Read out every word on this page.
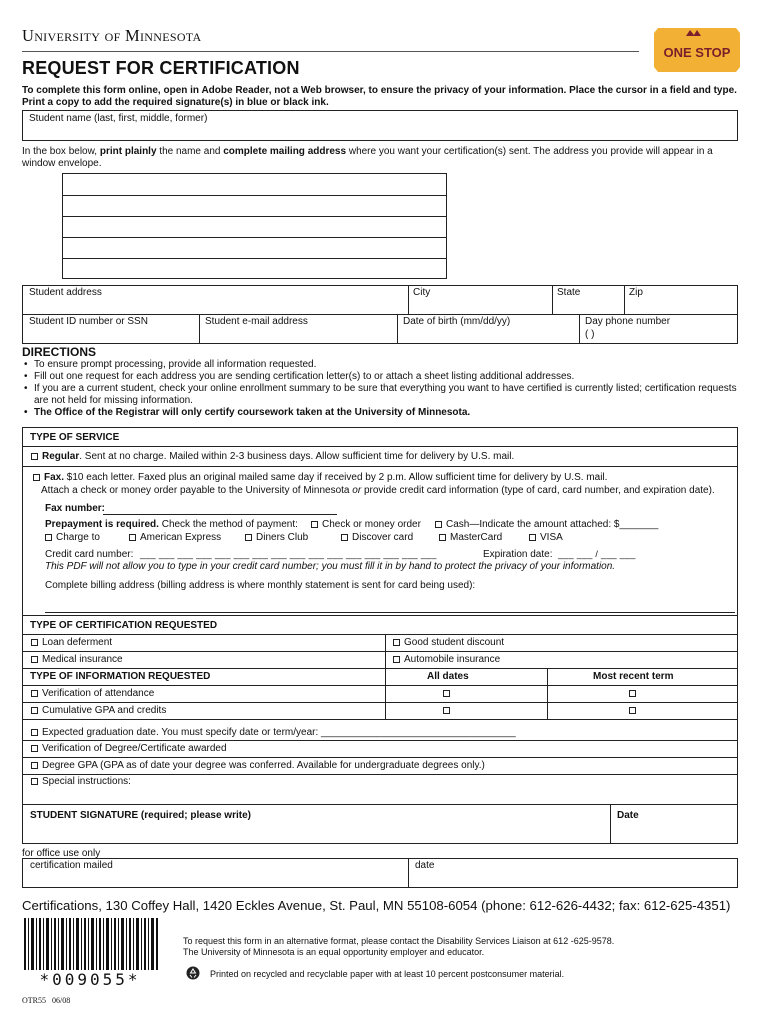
University of Minnesota
ONE STOP
REQUEST FOR CERTIFICATION
To complete this form online, open in Adobe Reader, not a Web browser, to ensure the privacy of your information. Place the cursor in a field and type. Print a copy to add the required signature(s) in blue or black ink.
Student name (last, first, middle, former)
In the box below, print plainly the name and complete mailing address where you want your certification(s) sent. The address you provide will appear in a window envelope.
Student address	City	State	Zip
Student ID number or SSN	Student e-mail address	Date of birth (mm/dd/yy)	Day phone number
( )
DIRECTIONS
• To ensure prompt processing, provide all information requested.
• Fill out one request for each address you are sending certification letter(s) to or attach a sheet listing additional addresses.
• If you are a current student, check your online enrollment summary to be sure that everything you want to have certified is currently listed; certification requests are not held for missing information.
• The Office of the Registrar will only certify coursework taken at the University of Minnesota.
TYPE OF SERVICE
Regular. Sent at no charge. Mailed within 2-3 business days. Allow sufficient time for delivery by U.S. mail.
Fax. $10 each letter. Faxed plus an original mailed same day if received by 2 p.m. Allow sufficient time for delivery by U.S. mail.
Attach a check or money order payable to the University of Minnesota or provide credit card information (type of card, card number, and expiration date).
Fax number:
Prepayment is required. Check the method of payment:	Check or money order	Cash—Indicate the amount attached: $_______
Charge to	American Express	Diners Club	Discover card	MasterCard	VISA
Credit card number: ___ ___ ___ ___ ___ ___ ___ ___ ___ ___ ___ ___ ___ ___ ___ ___	Expiration date: ___ ___ / ___ ___
This PDF will not allow you to type in your credit card number; you must fill it in by hand to protect the privacy of your information.
Complete billing address (billing address is where monthly statement is sent for card being used):
TYPE OF CERTIFICATION REQUESTED
Loan deferment	Good student discount
Medical insurance	Automobile insurance
TYPE OF INFORMATION REQUESTED	All dates	Most recent term
Verification of attendance
Cumulative GPA and credits
Expected graduation date. You must specify date or term/year: ___________________________________
Verification of Degree/Certificate awarded
Degree GPA (GPA as of date your degree was conferred. Available for undergraduate degrees only.)
Special instructions:
STUDENT SIGNATURE (required; please write)	Date
for office use only
certification mailed	date
Certifications, 130 Coffey Hall, 1420 Eckles Avenue, St. Paul, MN 55108-6054 (phone: 612-626-4432; fax: 612-625-4351)
*009055*
OTR55 06/08
To request this form in an alternative format, please contact the Disability Services Liaison at 612 -625-9578.
The University of Minnesota is an equal opportunity employer and educator.
Printed on recycled and recyclable paper with at least 10 percent postconsumer material.
